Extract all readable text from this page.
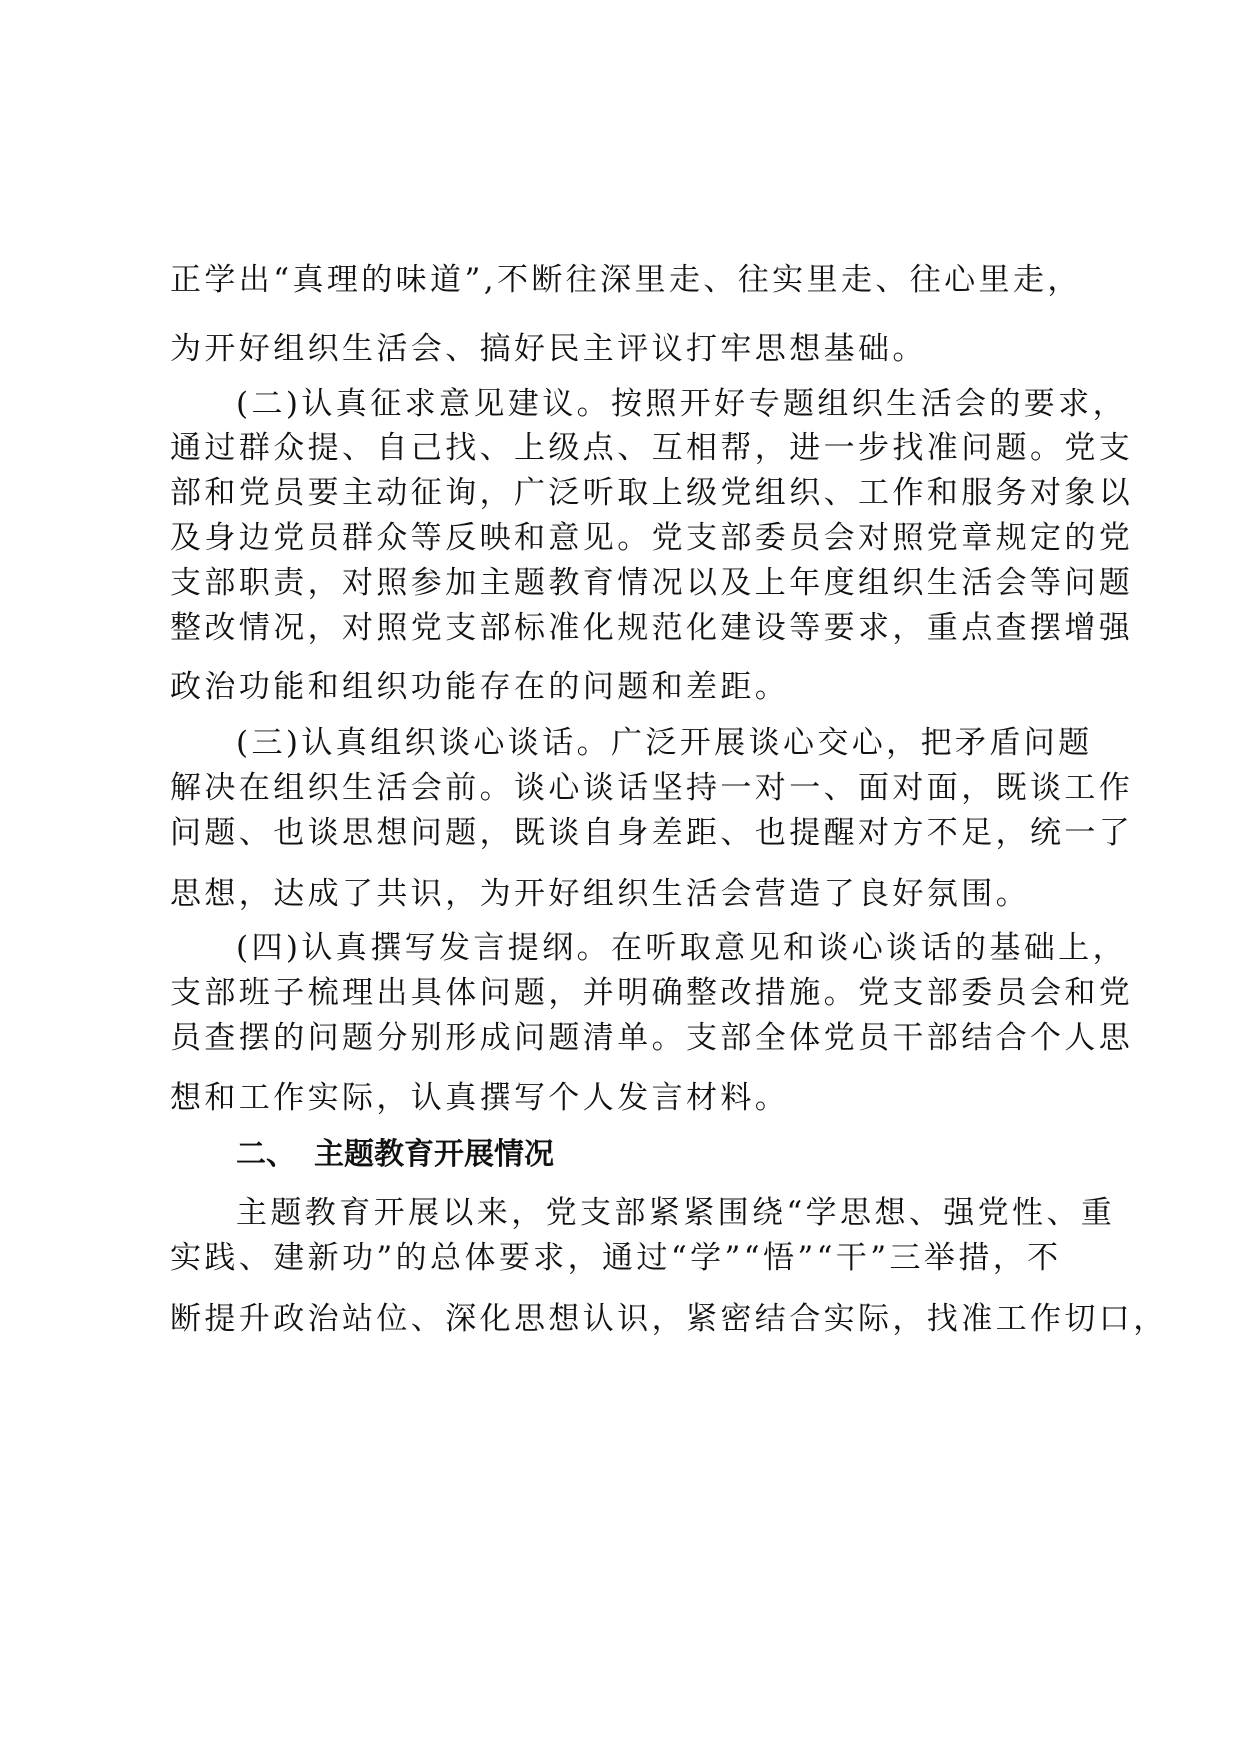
正学出“真理的味道”,不断往深里走、往实里走、往心里走，
为开好组织生活会、搞好民主评议打牢思想基础。
(二)认真征求意见建议。按照开好专题组织生活会的要求，
通过群众提、自己找、上级点、互相帮，进一步找准问题。党支
部和党员要主动征询，广泛听取上级党组织、工作和服务对象以
及身边党员群众等反映和意见。党支部委员会对照党章规定的党
支部职责，对照参加主题教育情况以及上年度组织生活会等问题
整改情况，对照党支部标准化规范化建设等要求，重点查摆增强
政治功能和组织功能存在的问题和差距。
(三)认真组织谈心谈话。广泛开展谈心交心，把矛盾问题
解决在组织生活会前。谈心谈话坚持一对一、面对面，既谈工作
问题、也谈思想问题，既谈自身差距、也提醒对方不足，统一了
思想，达成了共识，为开好组织生活会营造了良好氛围。
(四)认真撰写发言提纲。在听取意见和谈心谈话的基础上，
支部班子梳理出具体问题，并明确整改措施。党支部委员会和党
员查摆的问题分别形成问题清单。支部全体党员干部结合个人思
想和工作实际，认真撰写个人发言材料。
二、 主题教育开展情况
主题教育开展以来，党支部紧紧围绕“学思想、强党性、重
实践、建新功”的总体要求，通过“学”“悟”“干”三举措，不
断提升政治站位、深化思想认识，紧密结合实际，找准工作切口，
